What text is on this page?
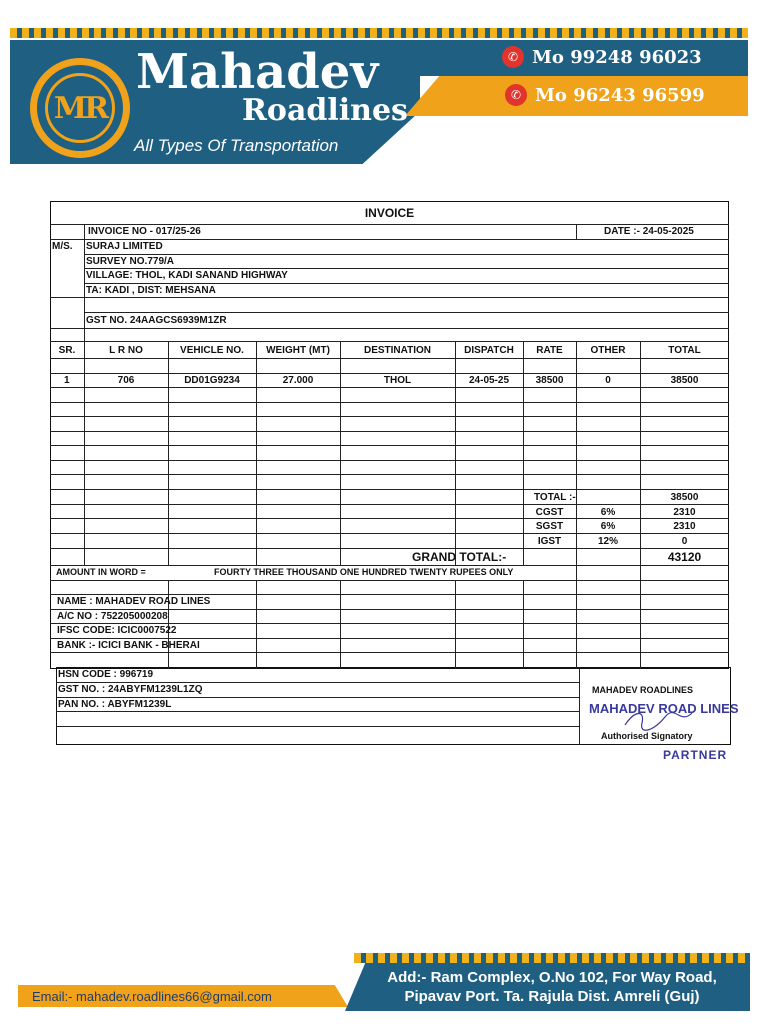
MR
Mahadev
Roadlines
All Types Of Transportation
✆ Mo 99248 96023
✆ Mo 96243 96599
INVOICE
INVOICE NO - 017/25-26	DATE :- 24-05-2025
M/S. SURAJ LIMITED
SURVEY NO.779/A
VILLAGE: THOL, KADI SANAND HIGHWAY
TA: KADI , DIST: MEHSANA
GST NO. 24AAGCS6939M1ZR
SR.	L R NO	VEHICLE NO.	WEIGHT (MT)	DESTINATION	DISPATCH	RATE	OTHER	TOTAL
1	706	DD01G9234	27.000	THOL	24-05-25	38500	0	38500
TOTAL :-	38500
CGST	6%	2310
SGST	6%	2310
IGST	12%	0
GRAND TOTAL:-	43120
AMOUNT IN WORD =	FOURTY THREE THOUSAND ONE HUNDRED TWENTY RUPEES ONLY
NAME : MAHADEV ROAD LINES
A/C NO : 752205000208
IFSC CODE: ICIC0007522
BANK :- ICICI BANK - BHERAI
HSN CODE : 996719
GST NO. : 24ABYFM1239L1ZQ
PAN NO. : ABYFM1239L
MAHADEV ROADLINES
MAHADEV ROAD LINES
Authorised Signatory
PARTNER
Email:- mahadev.roadlines66@gmail.com
Add:- Ram Complex, O.No 102, For Way Road,
Pipavav Port. Ta. Rajula Dist. Amreli (Guj)
